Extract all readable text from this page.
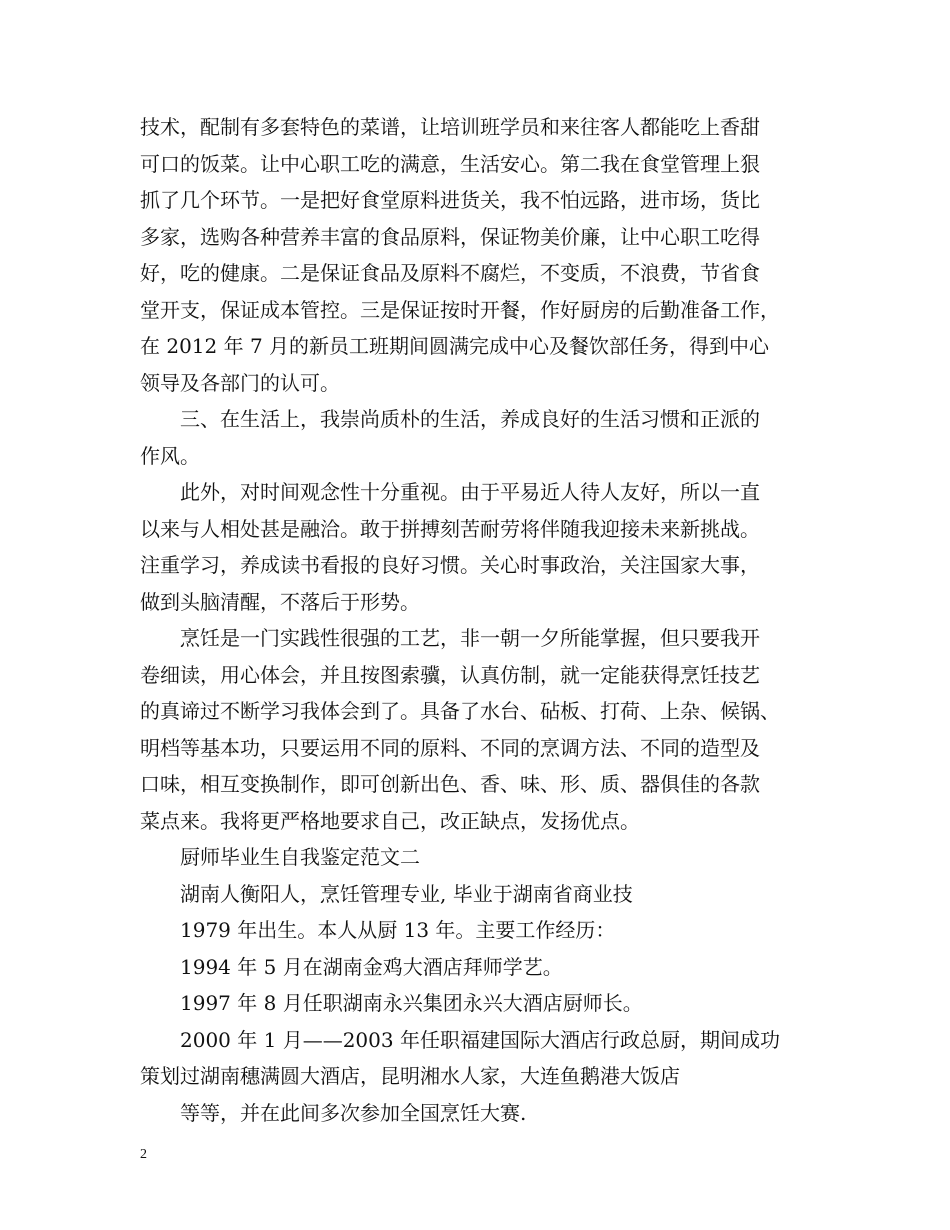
技术，配制有多套特色的菜谱，让培训班学员和来往客人都能吃上香甜
可口的饭菜。让中心职工吃的满意，生活安心。第二我在食堂管理上狠
抓了几个环节。一是把好食堂原料进货关，我不怕远路，进市场，货比
多家，选购各种营养丰富的食品原料，保证物美价廉，让中心职工吃得
好，吃的健康。二是保证食品及原料不腐烂，不变质，不浪费，节省食
堂开支，保证成本管控。三是保证按时开餐，作好厨房的后勤准备工作，
在 2012 年 7 月的新员工班期间圆满完成中心及餐饮部任务，得到中心
领导及各部门的认可。
三、在生活上，我崇尚质朴的生活，养成良好的生活习惯和正派的
作风。
此外，对时间观念性十分重视。由于平易近人待人友好，所以一直
以来与人相处甚是融洽。敢于拼搏刻苦耐劳将伴随我迎接未来新挑战。
注重学习，养成读书看报的良好习惯。关心时事政治，关注国家大事，
做到头脑清醒，不落后于形势。
烹饪是一门实践性很强的工艺，非一朝一夕所能掌握，但只要我开
卷细读，用心体会，并且按图索骥，认真仿制，就一定能获得烹饪技艺
的真谛过不断学习我体会到了。具备了水台、砧板、打荷、上杂、候锅、
明档等基本功，只要运用不同的原料、不同的烹调方法、不同的造型及
口味，相互变换制作，即可创新出色、香、味、形、质、器俱佳的各款
菜点来。我将更严格地要求自己，改正缺点，发扬优点。
厨师毕业生自我鉴定范文二
湖南人衡阳人，烹饪管理专业, 毕业于湖南省商业技
1979 年出生。本人从厨 13 年。主要工作经历：
1994 年 5 月在湖南金鸡大酒店拜师学艺。
1997 年 8 月任职湖南永兴集团永兴大酒店厨师长。
2000 年 1 月——2003 年任职福建国际大酒店行政总厨，期间成功
策划过湖南穗满圆大酒店，昆明湘水人家，大连鱼鹅港大饭店
等等，并在此间多次参加全国烹饪大赛.
2
